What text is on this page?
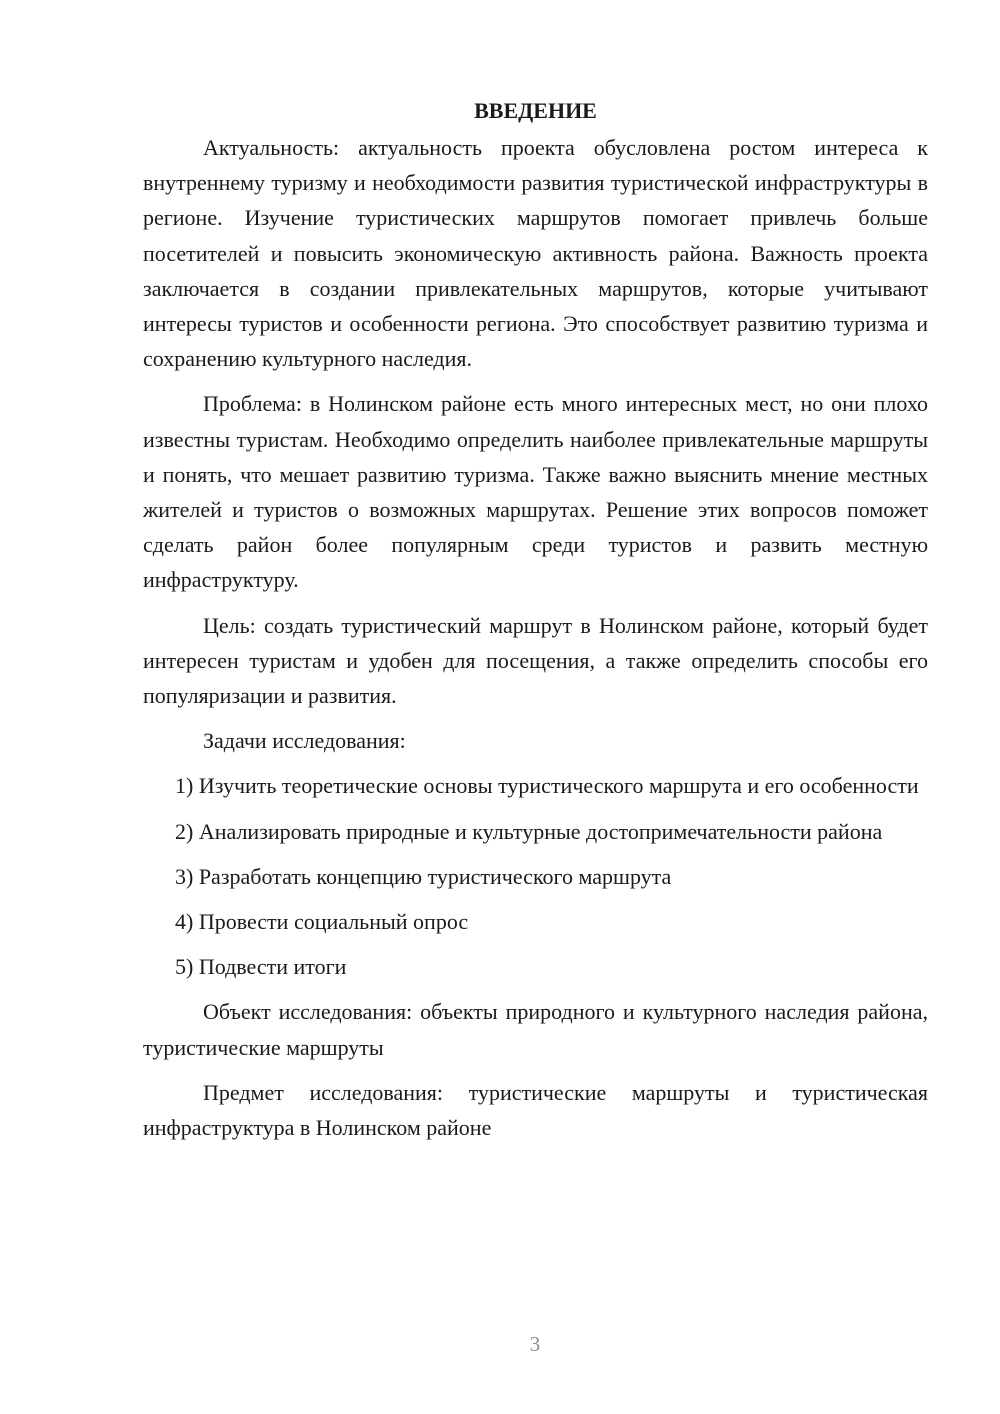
ВВЕДЕНИЕ

Актуальность: актуальность проекта обусловлена ростом интереса к внутреннему туризму и необходимости развития туристической инфраструктуры в регионе. Изучение туристических маршрутов помогает привлечь больше посетителей и повысить экономическую активность района. Важность проекта заключается в создании привлекательных маршрутов, которые учитывают интересы туристов и особенности региона. Это способствует развитию туризма и сохранению культурного наследия.

Проблема: в Нолинском районе есть много интересных мест, но они плохо известны туристам. Необходимо определить наиболее привлекательные маршруты и понять, что мешает развитию туризма. Также важно выяснить мнение местных жителей и туристов о возможных маршрутах. Решение этих вопросов поможет сделать район более популярным среди туристов и развить местную инфраструктуру.

Цель: создать туристический маршрут в Нолинском районе, который будет интересен туристам и удобен для посещения, а также определить способы его популяризации и развития.

Задачи исследования:

1) Изучить теоретические основы туристического маршрута и его особенности

2) Анализировать природные и культурные достопримечательности района

3) Разработать концепцию туристического маршрута

4) Провести социальный опрос

5) Подвести итоги

Объект исследования: объекты природного и культурного наследия района, туристические маршруты

Предмет исследования: туристические маршруты и туристическая инфраструктура в Нолинском районе

3
